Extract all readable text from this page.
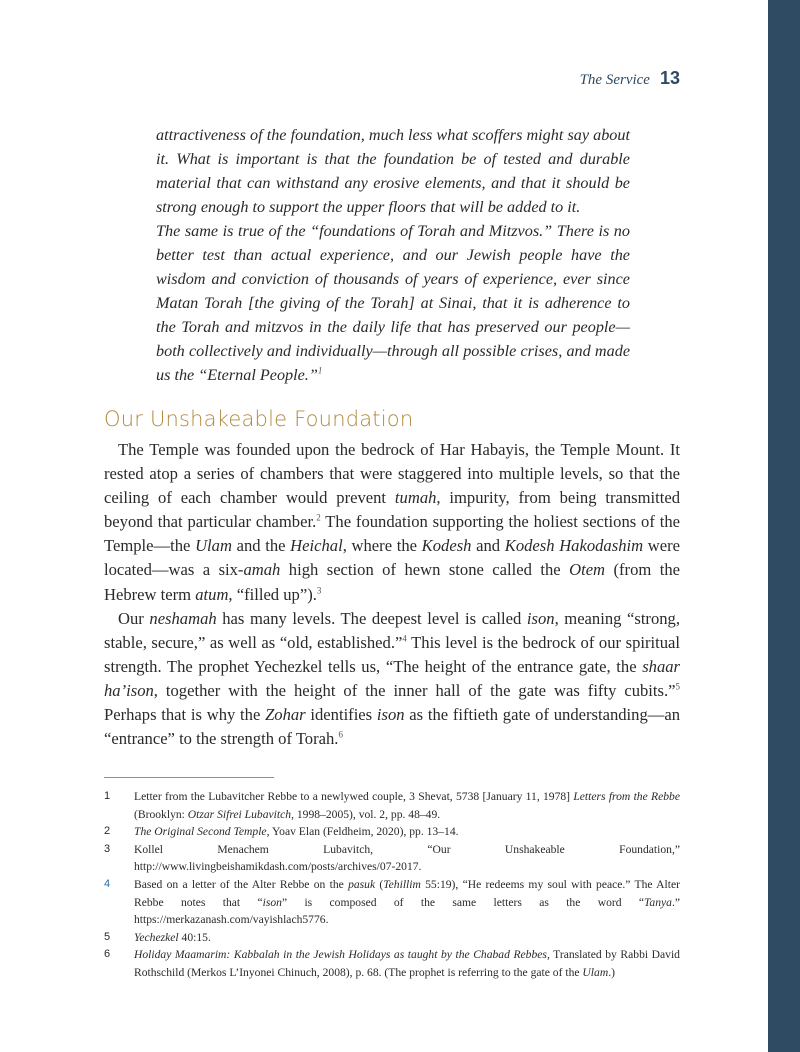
The Service 13

attractiveness of the foundation, much less what scoffers might say about it. What is important is that the foundation be of tested and durable material that can withstand any erosive elements, and that it should be strong enough to support the upper floors that will be added to it.

The same is true of the “foundations of Torah and Mitzvos.” There is no better test than actual experience, and our Jewish people have the wisdom and conviction of thousands of years of experience, ever since Matan Torah [the giving of the Torah] at Sinai, that it is adherence to the Torah and mitzvos in the daily life that has preserved our people—both collectively and individually—through all possible crises, and made us the “Eternal People.”$^1$

Our Unshakeable Foundation

The Temple was founded upon the bedrock of Har Habayis, the Temple Mount. It rested atop a series of chambers that were staggered into multiple levels, so that the ceiling of each chamber would prevent tumah, impurity, from being transmitted beyond that particular chamber.$^2$ The foundation supporting the holiest sections of the Temple—the Ulam and the Heichal, where the Kodesh and Kodesh Hakodashim were located—was a six-amah high section of hewn stone called the Otem (from the Hebrew term atum, “filled up”).$^3$

Our neshamah has many levels. The deepest level is called ison, meaning “strong, stable, secure,” as well as “old, established.”$^4$ This level is the bedrock of our spiritual strength. The prophet Yechezkel tells us, “The height of the entrance gate, the shaar ha’ison, together with the height of the inner hall of the gate was fifty cubits.”$^5$ Perhaps that is why the Zohar identifies ison as the fiftieth gate of understanding—an “entrance” to the strength of Torah.$^6$

1	Letter from the Lubavitcher Rebbe to a newlywed couple, 3 Shevat, 5738 [January 11, 1978] Letters from the Rebbe (Brooklyn: Otzar Sifrei Lubavitch, 1998–2005), vol. 2, pp. 48–49.
2	The Original Second Temple, Yoav Elan (Feldheim, 2020), pp. 13–14.
3	Kollel Menachem Lubavitch, “Our Unshakeable Foundation,” http://www.livingbeishamikdash.com/posts/archives/07-2017.
4	Based on a letter of the Alter Rebbe on the pasuk (Tehillim 55:19), “He redeems my soul with peace.” The Alter Rebbe notes that “ison” is composed of the same letters as the word “Tanya.” https://merkazanash.com/vayishlach5776.
5	Yechezkel 40:15.
6	Holiday Maamarim: Kabbalah in the Jewish Holidays as taught by the Chabad Rebbes, Translated by Rabbi David Rothschild (Merkos L’Inyonei Chinuch, 2008), p. 68. (The prophet is referring to the gate of the Ulam.)
